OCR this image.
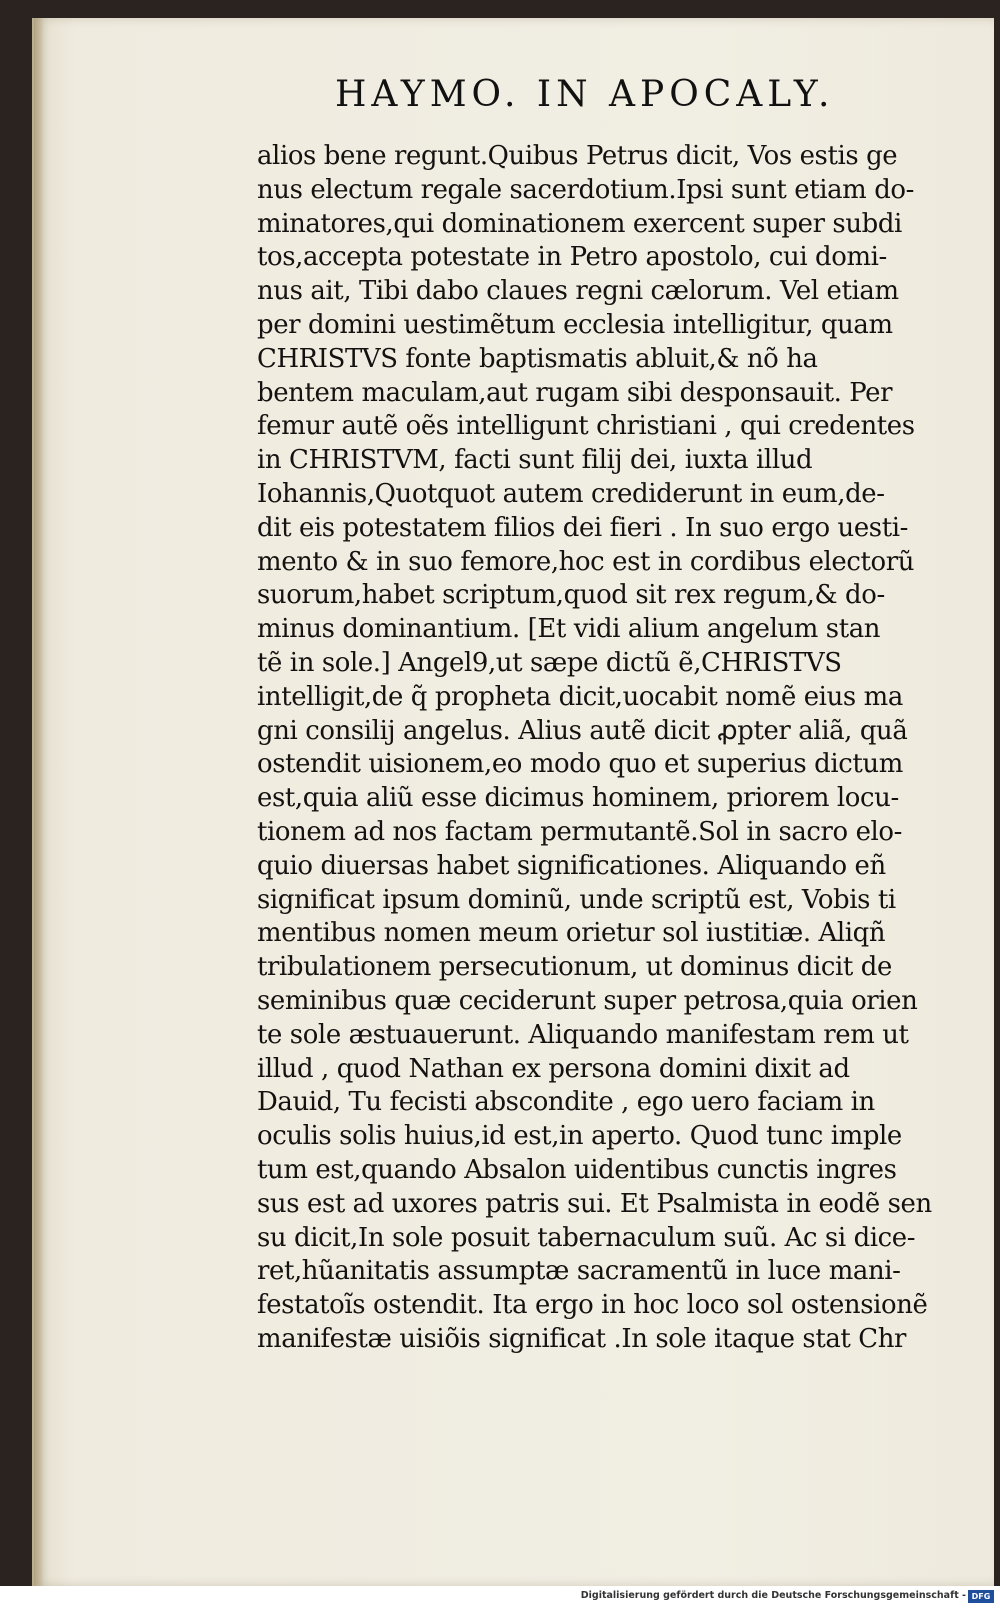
HAYMO. IN APOCALY.
alios bene regunt.Quibus Petrus dicit, Vos estis ge
nus electum regale sacerdotium.Ipsi sunt etiam do-
minatores,qui dominationem exercent super subdi
tos,accepta potestate in Petro apostolo, cui domi-
nus ait, Tibi dabo claues regni cælorum. Vel etiam
per domini uestimẽtum ecclesia intelligitur, quam
CHRISTVS fonte baptismatis abluit,& nõ ha
bentem maculam,aut rugam sibi desponsauit. Per
femur autẽ oẽs intelligunt christiani , qui credentes
in CHRISTVM, facti sunt filij dei, iuxta illud
Iohannis,Quotquot autem crediderunt in eum,de-
dit eis potestatem filios dei fieri . In suo ergo uesti-
mento & in suo femore,hoc est in cordibus electorũ
suorum,habet scriptum,quod sit rex regum,& do-
minus dominantium. [Et vidi alium angelum stan
tẽ in sole.] Angel9,ut sæpe dictũ ẽ,CHRISTVS
intelligit,de q̃ propheta dicit,uocabit nomẽ eius ma
gni consilij angelus. Alius autẽ dicit ꝓpter aliã, quã
ostendit uisionem,eo modo quo et superius dictum
est,quia aliũ esse dicimus hominem, priorem locu-
tionem ad nos factam permutantẽ.Sol in sacro elo-
quio diuersas habet significationes. Aliquando eñ
significat ipsum dominũ, unde scriptũ est, Vobis ti
mentibus nomen meum orietur sol iustitiæ. Aliqñ
tribulationem persecutionum, ut dominus dicit de
seminibus quæ ceciderunt super petrosa,quia orien
te sole æstuauerunt. Aliquando manifestam rem ut
illud , quod Nathan ex persona domini dixit ad
Dauid, Tu fecisti abscondite , ego uero faciam in
oculis solis huius,id est,in aperto. Quod tunc imple
tum est,quando Absalon uidentibus cunctis ingres
sus est ad uxores patris sui. Et Psalmista in eodẽ sen
su dicit,In sole posuit tabernaculum suũ. Ac si dice-
ret,hũanitatis assumptæ sacramentũ in luce mani-
festatoĩs ostendit. Ita ergo in hoc loco sol ostensionẽ
manifestæ uisiõis significat .In sole itaque stat Chr
Digitalisierung gefördert durch die Deutsche Forschungsgemeinschaft - DFG
